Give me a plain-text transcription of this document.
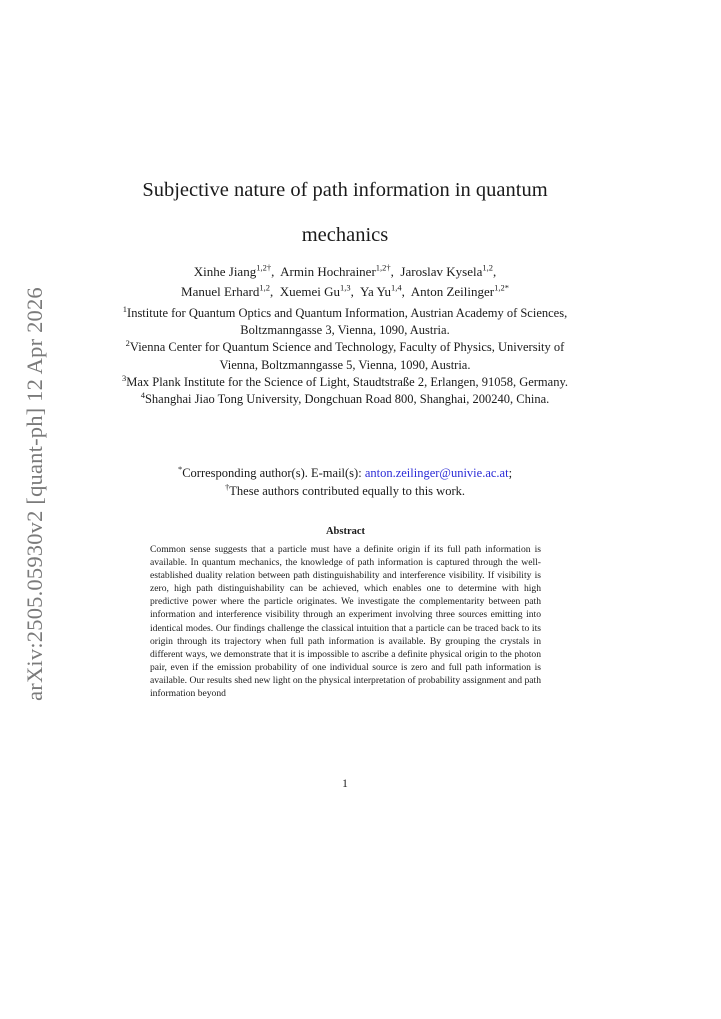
arXiv:2505.05930v2 [quant-ph] 12 Apr 2026
Subjective nature of path information in quantum mechanics
Xinhe Jiang$^{1,2\dagger}$,  Armin Hochrainer$^{1,2\dagger}$,  Jaroslav Kysela$^{1,2}$,
Manuel Erhard$^{1,2}$,  Xuemei Gu$^{1,3}$,  Ya Yu$^{1,4}$,  Anton Zeilinger$^{1,2*}$
$^1$Institute for Quantum Optics and Quantum Information, Austrian Academy of Sciences, Boltzmanngasse 3, Vienna, 1090, Austria.
$^2$Vienna Center for Quantum Science and Technology, Faculty of Physics, University of Vienna, Boltzmanngasse 5, Vienna, 1090, Austria.
$^3$Max Plank Institute for the Science of Light, Staudtstraße 2, Erlangen, 91058, Germany.
$^4$Shanghai Jiao Tong University, Dongchuan Road 800, Shanghai, 200240, China.
*Corresponding author(s). E-mail(s): anton.zeilinger@univie.ac.at;
†These authors contributed equally to this work.
Abstract

Common sense suggests that a particle must have a definite origin if its full path information is available. In quantum mechanics, the knowledge of path information is captured through the well-established duality relation between path distinguishability and interference visibility. If visibility is zero, high path distinguishability can be achieved, which enables one to determine with high predictive power where the particle originates. We investigate the complementarity between path information and interference visibility through an experiment involving three sources emitting into identical modes. Our findings challenge the classical intuition that a particle can be traced back to its origin through its trajectory when full path information is available. By grouping the crystals in different ways, we demonstrate that it is impossible to ascribe a definite physical origin to the photon pair, even if the emission probability of one individual source is zero and full path information is available. Our results shed new light on the physical interpretation of probability assignment and path information beyond

1
